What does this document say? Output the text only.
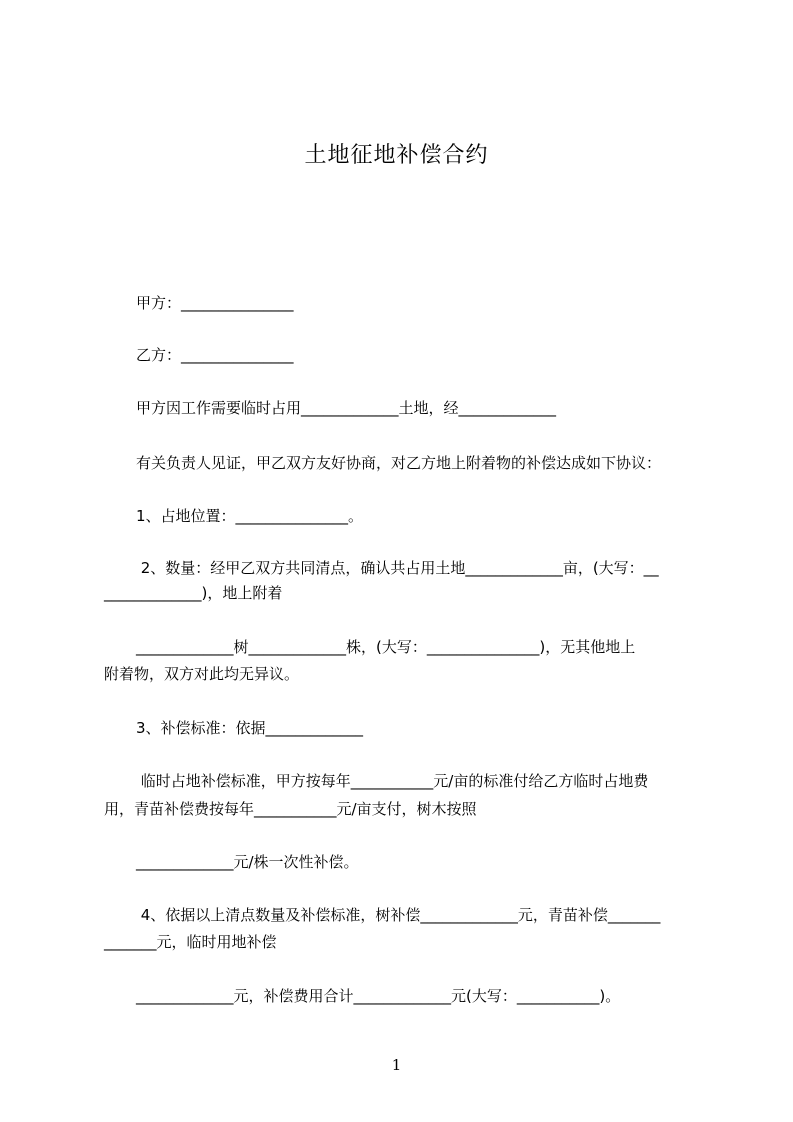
土地征地补偿合约
甲方：_______________
乙方：_______________
甲方因工作需要临时占用_____________土地，经_____________
有关负责人见证，甲乙双方友好协商，对乙方地上附着物的补偿达成如下协议：
1、占地位置：_______________。
2、数量：经甲乙双方共同清点，确认共占用土地_____________亩，(大写：__
_____________)，地上附着
_____________树_____________株，(大写：_______________)，无其他地上
附着物，双方对此均无异议。
3、补偿标准：依据_____________
临时占地补偿标准，甲方按每年___________元/亩的标准付给乙方临时占地费
用，青苗补偿费按每年___________元/亩支付，树木按照
_____________元/株一次性补偿。
4、依据以上清点数量及补偿标准，树补偿_____________元，青苗补偿_______
_______元，临时用地补偿
_____________元，补偿费用合计_____________元(大写：___________)。
1
